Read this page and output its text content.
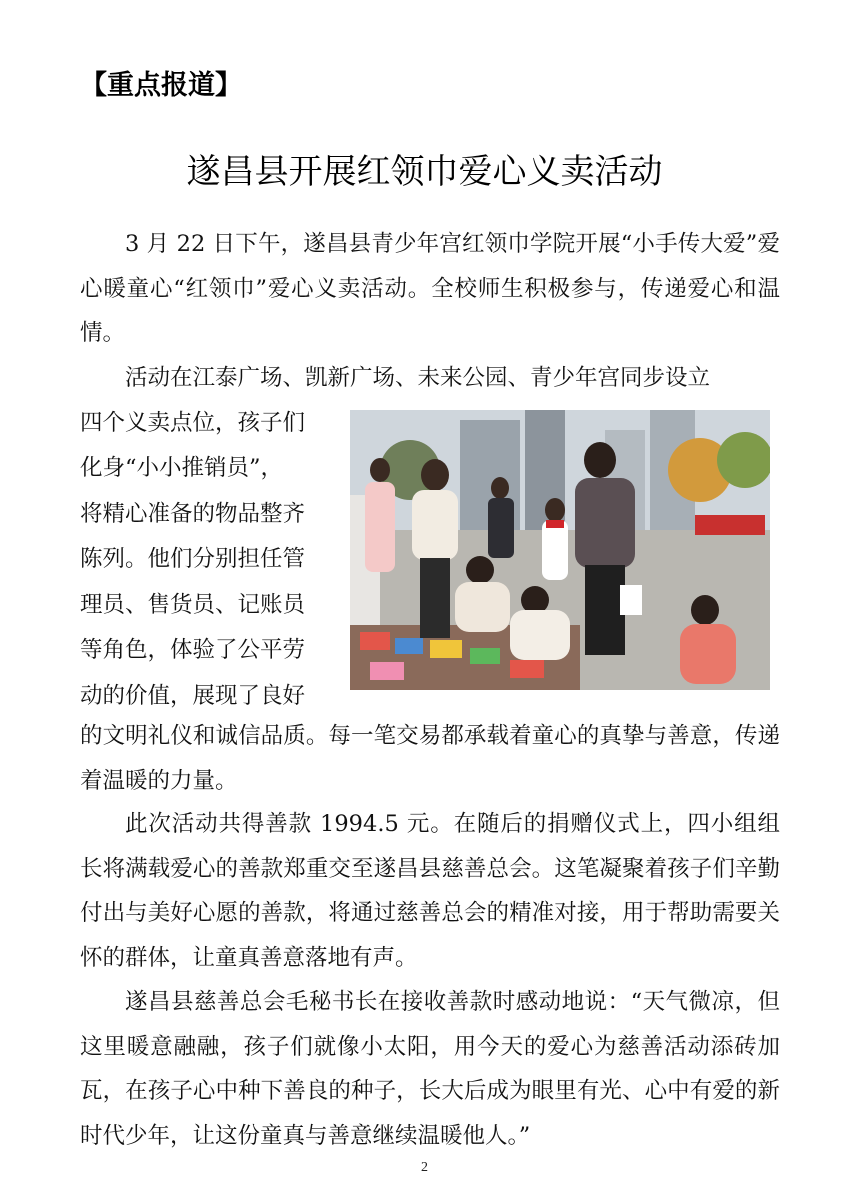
【重点报道】
遂昌县开展红领巾爱心义卖活动

3 月 22 日下午，遂昌县青少年宫红领巾学院开展“小手传大爱”爱心暖童心“红领巾”爱心义卖活动。全校师生积极参与，传递爱心和温情。

活动在江泰广场、凯新广场、未来公园、青少年宫同步设立

四个义卖点位，孩子们
化身“小小推销员”，
将精心准备的物品整齐
陈列。他们分别担任管
理员、售货员、记账员
等角色，体验了公平劳
动的价值，展现了良好

的文明礼仪和诚信品质。每一笔交易都承载着童心的真挚与善意，传递着温暖的力量。

此次活动共得善款 1994.5 元。在随后的捐赠仪式上，四小组组长将满载爱心的善款郑重交至遂昌县慈善总会。这笔凝聚着孩子们辛勤付出与美好心愿的善款，将通过慈善总会的精准对接，用于帮助需要关怀的群体，让童真善意落地有声。

遂昌县慈善总会毛秘书长在接收善款时感动地说：“天气微凉，但这里暖意融融，孩子们就像小太阳，用今天的爱心为慈善活动添砖加瓦，在孩子心中种下善良的种子，长大后成为眼里有光、心中有爱的新时代少年，让这份童真与善意继续温暖他人。”

2
